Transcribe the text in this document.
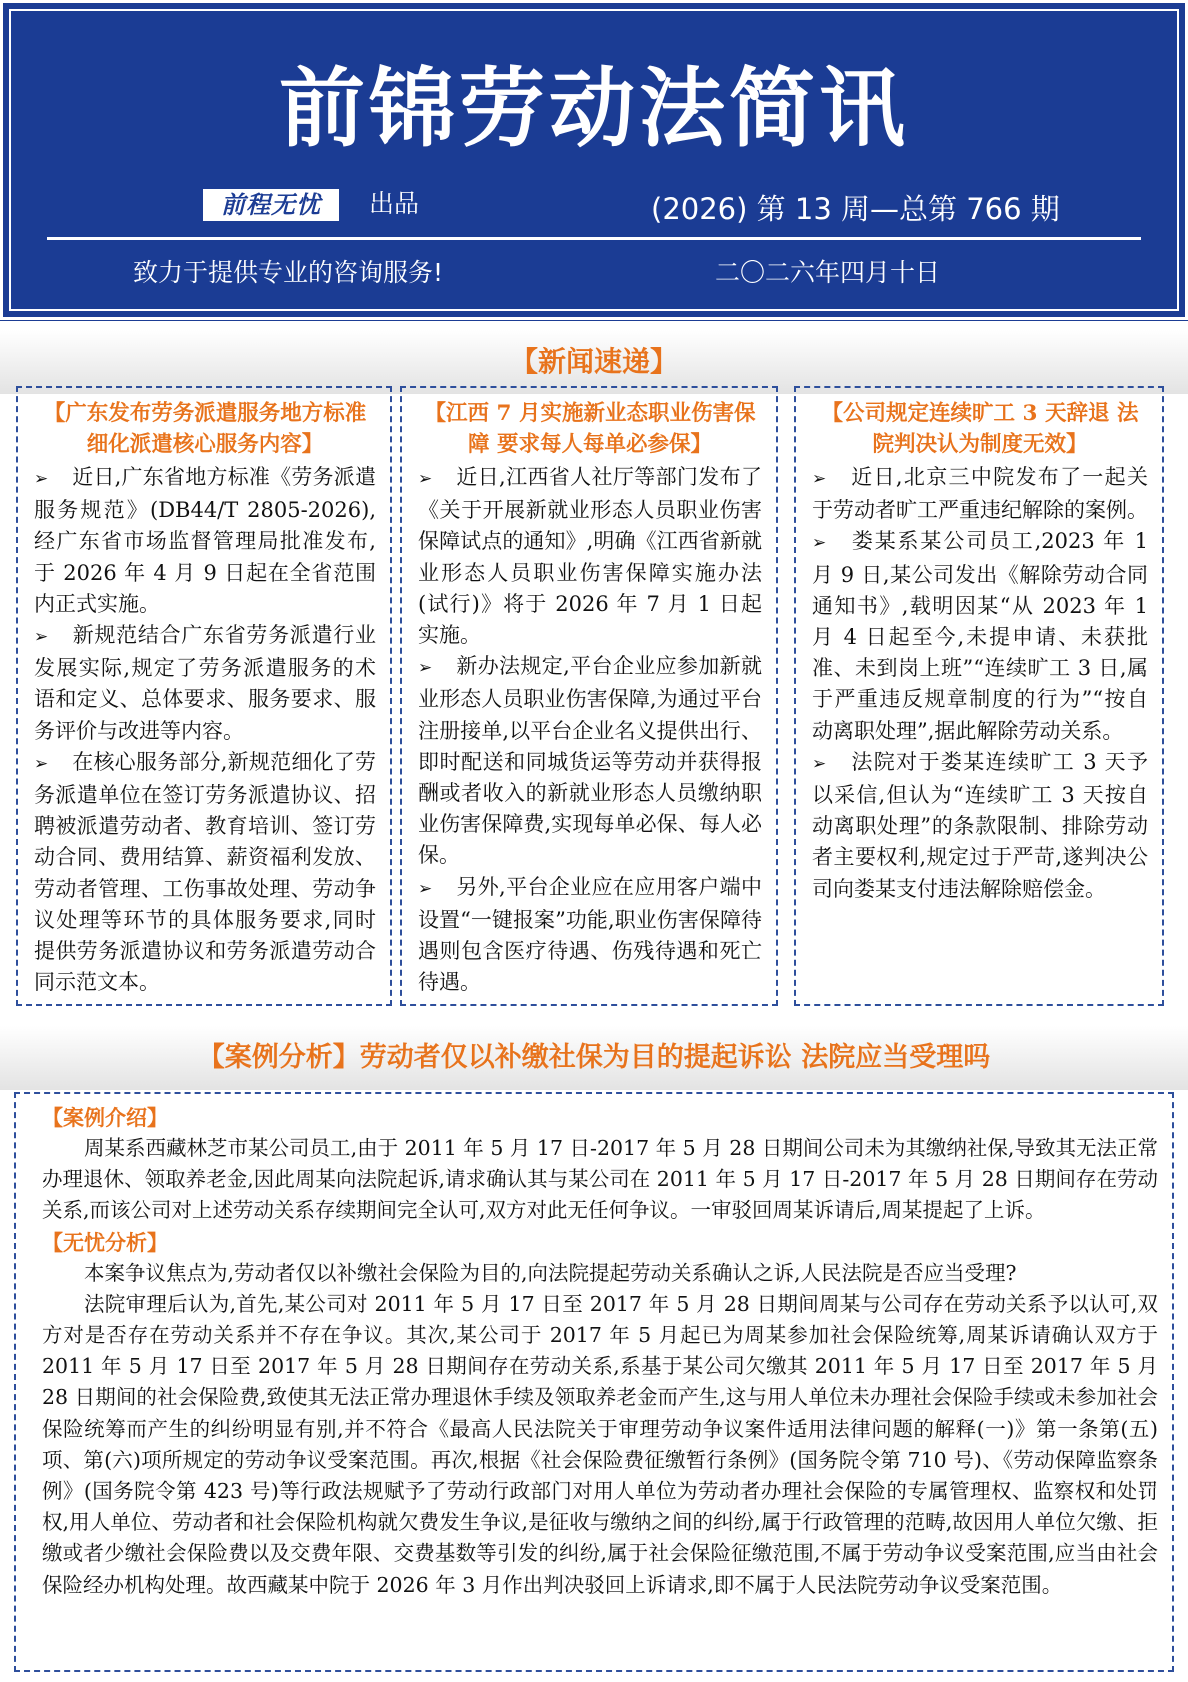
前锦劳动法简讯
前程无忧	出品	(2026) 第 13 周—总第 766 期
致力于提供专业的咨询服务!	二〇二六年四月十日
【新闻速递】

【广东发布劳务派遣服务地方标准 细化派遣核心服务内容】

➢ 近日,广东省地方标准《劳务派遣服务规范》(DB44/T 2805-2026),经广东省市场监督管理局批准发布,于 2026 年 4 月 9 日起在全省范围内正式实施。

➢ 新规范结合广东省劳务派遣行业发展实际,规定了劳务派遣服务的术语和定义、总体要求、服务要求、服务评价与改进等内容。

➢ 在核心服务部分,新规范细化了劳务派遣单位在签订劳务派遣协议、招聘被派遣劳动者、教育培训、签订劳动合同、费用结算、薪资福利发放、劳动者管理、工伤事故处理、劳动争议处理等环节的具体服务要求,同时提供劳务派遣协议和劳务派遣劳动合同示范文本。

【江西 7 月实施新业态职业伤害保障 要求每人每单必参保】

➢ 近日,江西省人社厅等部门发布了《关于开展新就业形态人员职业伤害保障试点的通知》,明确《江西省新就业形态人员职业伤害保障实施办法(试行)》将于 2026 年 7 月 1 日起实施。

➢ 新办法规定,平台企业应参加新就业形态人员职业伤害保障,为通过平台注册接单,以平台企业名义提供出行、即时配送和同城货运等劳动并获得报酬或者收入的新就业形态人员缴纳职业伤害保障费,实现每单必保、每人必保。

➢ 另外,平台企业应在应用客户端中设置“一键报案”功能,职业伤害保障待遇则包含医疗待遇、伤残待遇和死亡待遇。

【公司规定连续旷工 3 天辞退 法院判决认为制度无效】

➢ 近日,北京三中院发布了一起关于劳动者旷工严重违纪解除的案例。

➢ 娄某系某公司员工,2023 年 1 月 9 日,某公司发出《解除劳动合同通知书》,载明因某“从 2023 年 1 月 4 日起至今,未提申请、未获批准、未到岗上班”“连续旷工 3 日,属于严重违反规章制度的行为”“按自动离职处理”,据此解除劳动关系。

➢ 法院对于娄某连续旷工 3 天予以采信,但认为“连续旷工 3 天按自动离职处理”的条款限制、排除劳动者主要权利,规定过于严苛,遂判决公司向娄某支付违法解除赔偿金。

【案例分析】劳动者仅以补缴社保为目的提起诉讼 法院应当受理吗

【案例介绍】

周某系西藏林芝市某公司员工,由于 2011 年 5 月 17 日-2017 年 5 月 28 日期间公司未为其缴纳社保,导致其无法正常办理退休、领取养老金,因此周某向法院起诉,请求确认其与某公司在 2011 年 5 月 17 日-2017 年 5 月 28 日期间存在劳动关系,而该公司对上述劳动关系存续期间完全认可,双方对此无任何争议。一审驳回周某诉请后,周某提起了上诉。

【无忧分析】

本案争议焦点为,劳动者仅以补缴社会保险为目的,向法院提起劳动关系确认之诉,人民法院是否应当受理?

法院审理后认为,首先,某公司对 2011 年 5 月 17 日至 2017 年 5 月 28 日期间周某与公司存在劳动关系予以认可,双方对是否存在劳动关系并不存在争议。其次,某公司于 2017 年 5 月起已为周某参加社会保险统筹,周某诉请确认双方于 2011 年 5 月 17 日至 2017 年 5 月 28 日期间存在劳动关系,系基于某公司欠缴其 2011 年 5 月 17 日至 2017 年 5 月 28 日期间的社会保险费,致使其无法正常办理退休手续及领取养老金而产生,这与用人单位未办理社会保险手续或未参加社会保险统筹而产生的纠纷明显有别,并不符合《最高人民法院关于审理劳动争议案件适用法律问题的解释(一)》第一条第(五)项、第(六)项所规定的劳动争议受案范围。再次,根据《社会保险费征缴暂行条例》(国务院令第 710 号)、《劳动保障监察条例》(国务院令第 423 号)等行政法规赋予了劳动行政部门对用人单位为劳动者办理社会保险的专属管理权、监察权和处罚权,用人单位、劳动者和社会保险机构就欠费发生争议,是征收与缴纳之间的纠纷,属于行政管理的范畴,故因用人单位欠缴、拒缴或者少缴社会保险费以及交费年限、交费基数等引发的纠纷,属于社会保险征缴范围,不属于劳动争议受案范围,应当由社会保险经办机构处理。故西藏某中院于 2026 年 3 月作出判决驳回上诉请求,即不属于人民法院劳动争议受案范围。
